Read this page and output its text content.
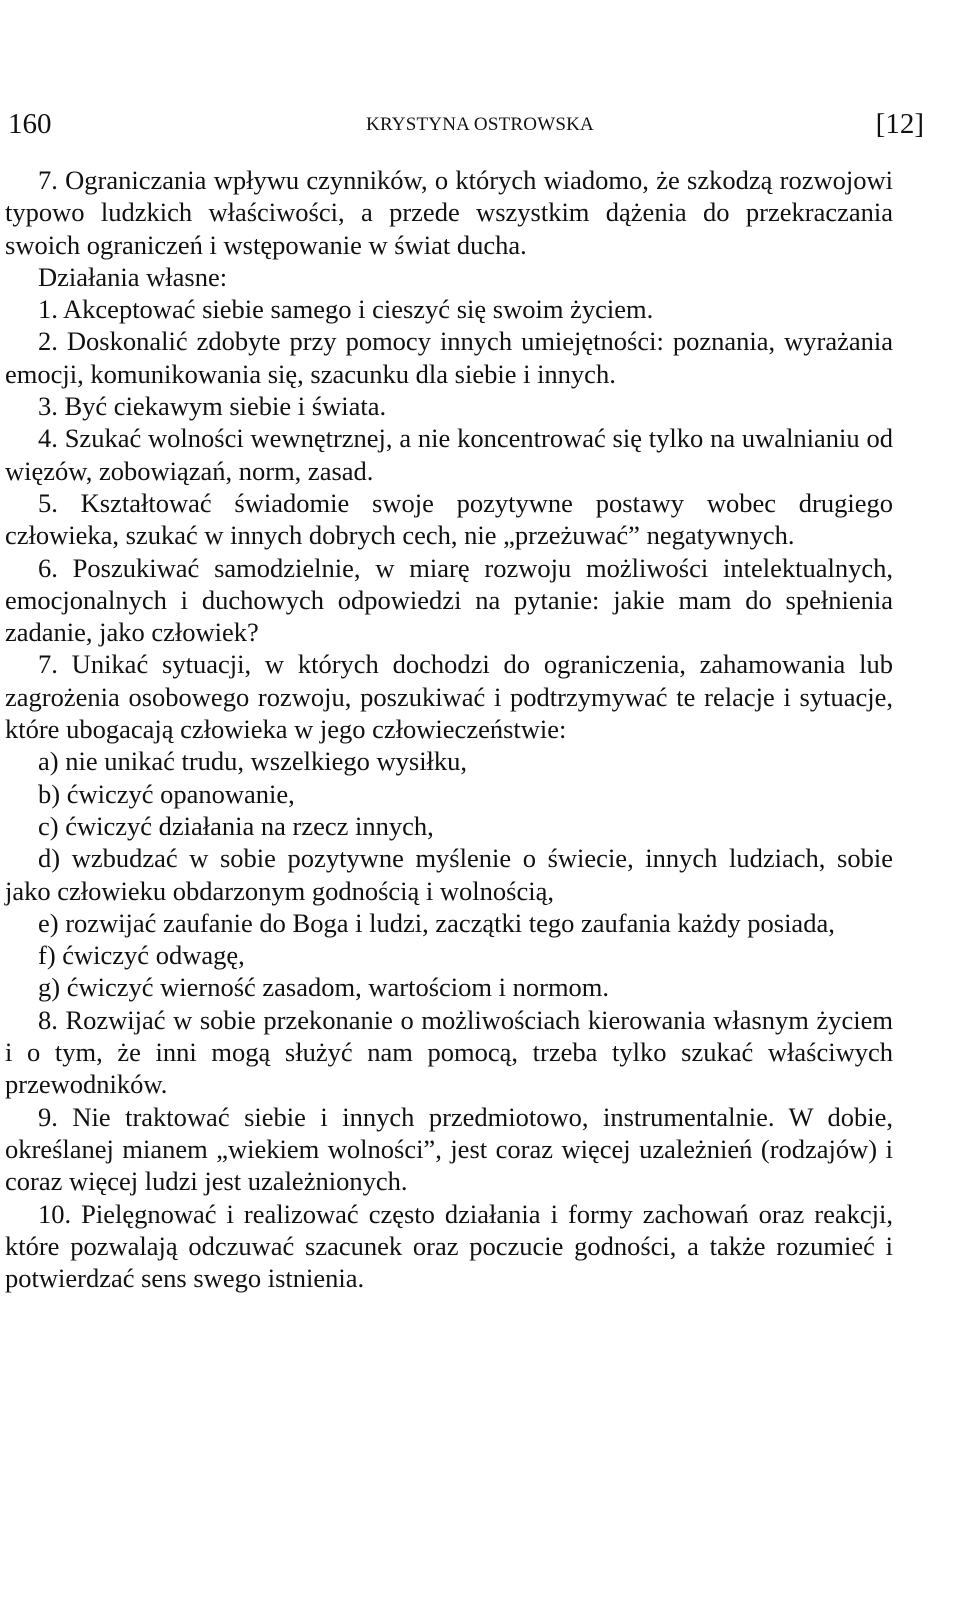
160	KRYSTYNA OSTROWSKA	[12]

7. Ograniczania wpływu czynników, o których wiadomo, że szkodzą rozwojowi typowo ludzkich właściwości, a przede wszystkim dążenia do przekraczania swoich ograniczeń i wstępowanie w świat ducha.

Działania własne:

1. Akceptować siebie samego i cieszyć się swoim życiem.

2. Doskonalić zdobyte przy pomocy innych umiejętności: poznania, wyrażania emocji, komunikowania się, szacunku dla siebie i innych.

3. Być ciekawym siebie i świata.

4. Szukać wolności wewnętrznej, a nie koncentrować się tylko na uwalnianiu od więzów, zobowiązań, norm, zasad.

5. Kształtować świadomie swoje pozytywne postawy wobec drugiego człowieka, szukać w innych dobrych cech, nie „przeżuwać” negatywnych.

6. Poszukiwać samodzielnie, w miarę rozwoju możliwości intelektualnych, emocjonalnych i duchowych odpowiedzi na pytanie: jakie mam do spełnienia zadanie, jako człowiek?

7. Unikać sytuacji, w których dochodzi do ograniczenia, zahamowania lub zagrożenia osobowego rozwoju, poszukiwać i podtrzymywać te relacje i sytuacje, które ubogacają człowieka w jego człowieczeństwie:

a) nie unikać trudu, wszelkiego wysiłku,

b) ćwiczyć opanowanie,

c) ćwiczyć działania na rzecz innych,

d) wzbudzać w sobie pozytywne myślenie o świecie, innych ludziach, sobie jako człowieku obdarzonym godnością i wolnością,

e) rozwijać zaufanie do Boga i ludzi, zaczątki tego zaufania każdy posiada,

f) ćwiczyć odwagę,

g) ćwiczyć wierność zasadom, wartościom i normom.

8. Rozwijać w sobie przekonanie o możliwościach kierowania własnym życiem i o tym, że inni mogą służyć nam pomocą, trzeba tylko szukać właściwych przewodników.

9. Nie traktować siebie i innych przedmiotowo, instrumentalnie. W dobie, określanej mianem „wiekiem wolności”, jest coraz więcej uzależnień (rodzajów) i coraz więcej ludzi jest uzależnionych.

10. Pielęgnować i realizować często działania i formy zachowań oraz reakcji, które pozwalają odczuwać szacunek oraz poczucie godności, a także rozumieć i potwierdzać sens swego istnienia.
